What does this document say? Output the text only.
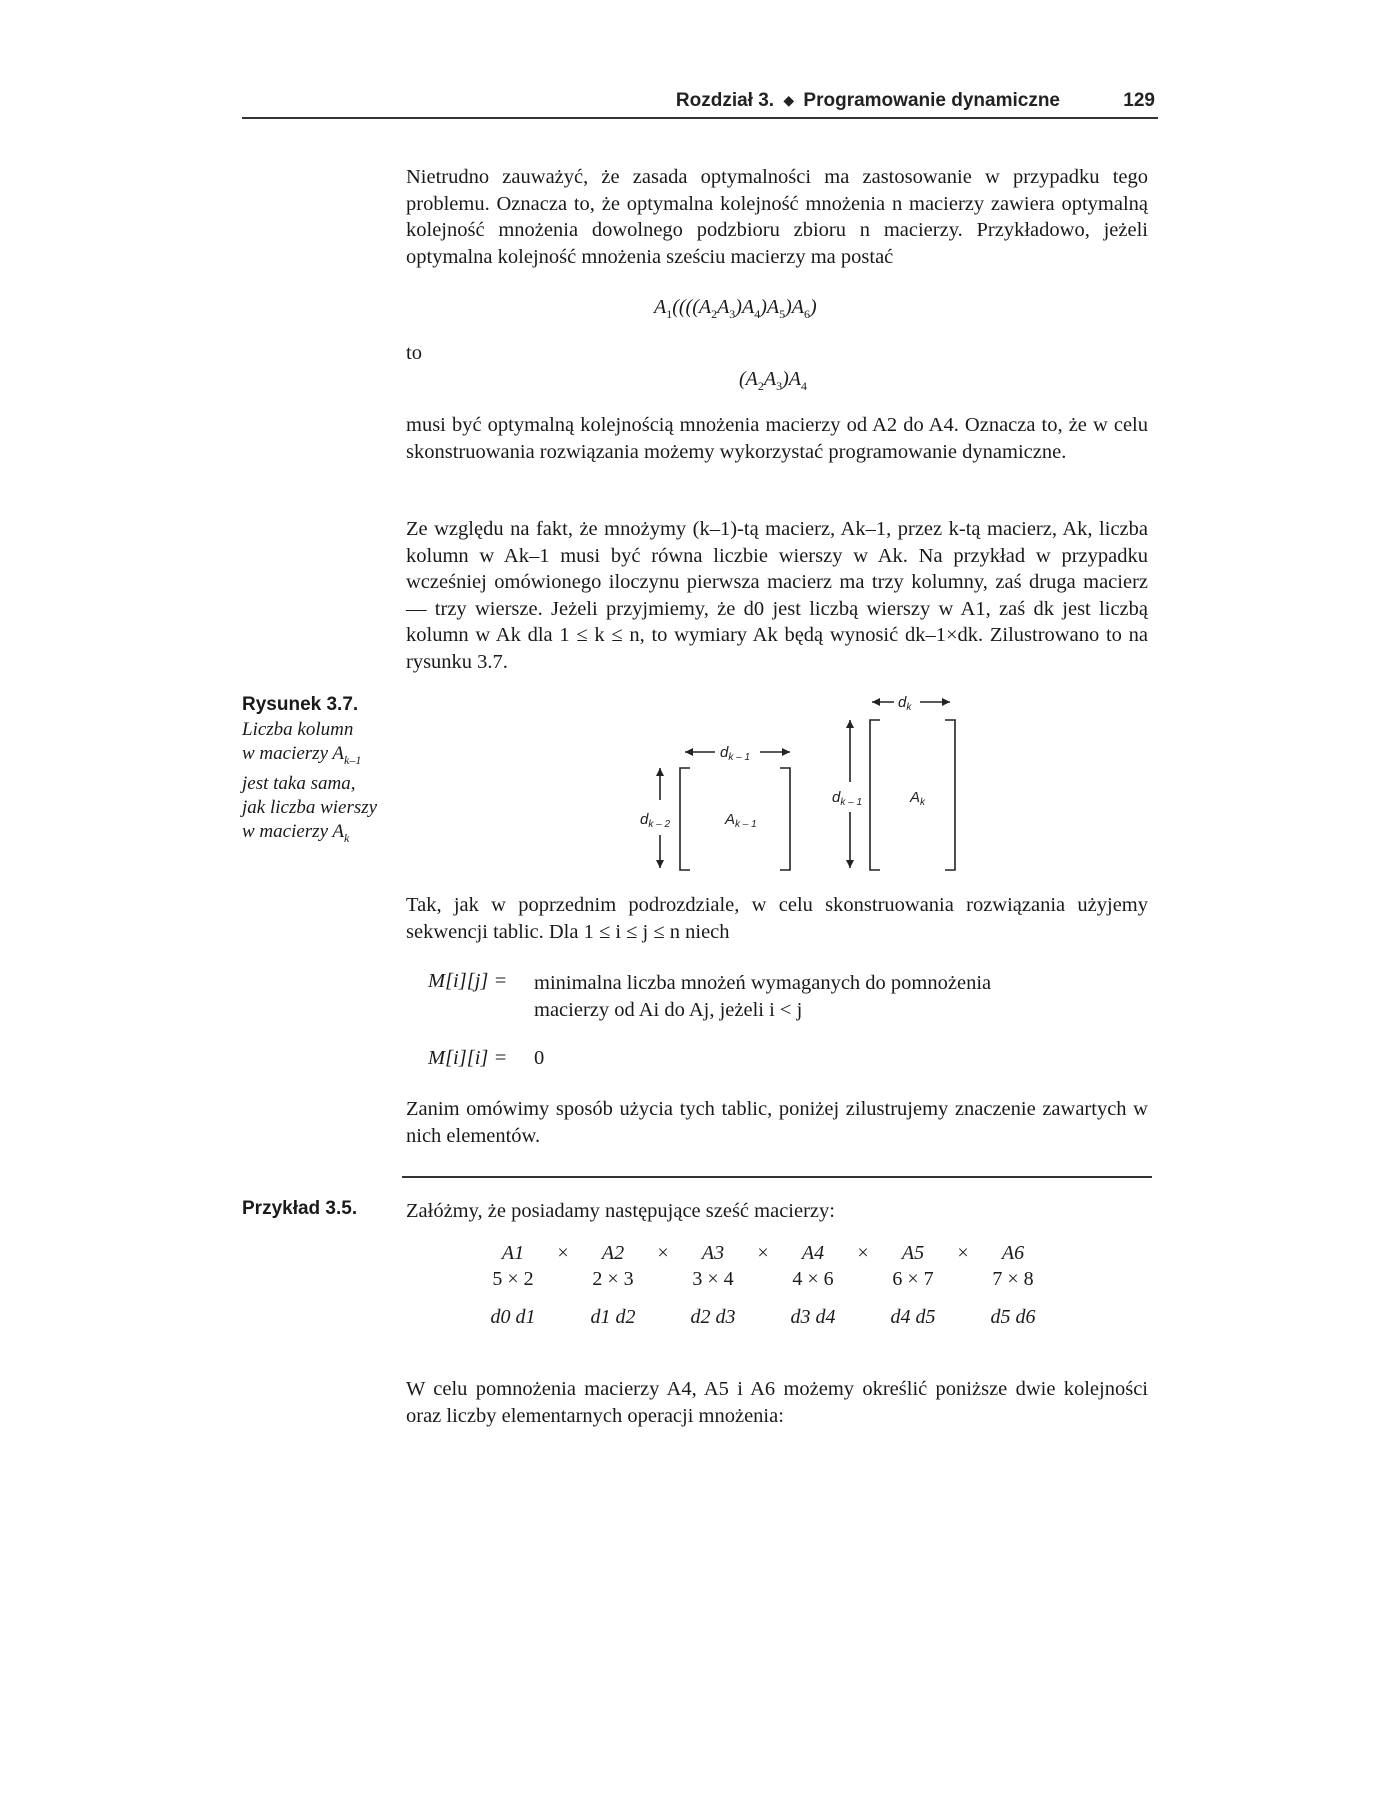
Rozdział 3. ◆ Programowanie dynamiczne	129

Nietrudno zauważyć, że zasada optymalności ma zastosowanie w przypadku tego problemu. Oznacza to, że optymalna kolejność mnożenia n macierzy zawiera optymalną kolejność mnożenia dowolnego podzbioru zbioru n macierzy. Przykładowo, jeżeli optymalna kolejność mnożenia sześciu macierzy ma postać

$A_1((((A_2A_3)A_4)A_5)A_6)$
to
$(A_2A_3)A_4$

musi być optymalną kolejnością mnożenia macierzy od A2 do A4. Oznacza to, że w celu skonstruowania rozwiązania możemy wykorzystać programowanie dynamiczne.

Ze względu na fakt, że mnożymy (k–1)-tą macierz, Ak–1, przez k-tą macierz, Ak, liczba kolumn w Ak–1 musi być równa liczbie wierszy w Ak. Na przykład w przypadku wcześniej omówionego iloczynu pierwsza macierz ma trzy kolumny, zaś druga macierz — trzy wiersze. Jeżeli przyjmiemy, że d0 jest liczbą wierszy w A1, zaś dk jest liczbą kolumn w Ak dla 1 ≤ k ≤ n, to wymiary Ak będą wynosić dk–1×dk. Zilustrowano to na rysunku 3.7.

Rysunek 3.7.
Liczba kolumn
w macierzy $A_{k-1}$
jest taka sama,
jak liczba wierszy
w macierzy $A_k$
$d_{k - 1}$
$d_k$
$d_{k - 2}$	$A_{k - 1}$
$d_{k - 1}$	$A_k$

Tak, jak w poprzednim podrozdziale, w celu skonstruowania rozwiązania użyjemy sekwencji tablic. Dla 1 ≤ i ≤ j ≤ n niech

M[i][j] = minimalna liczba mnożeń wymaganych do pomnożenia
macierzy od Ai do Aj, jeżeli i < j
M[i][i] = 0

Zanim omówimy sposób użycia tych tablic, poniżej zilustrujemy znaczenie zawartych w nich elementów.

Przykład 3.5. Załóżmy, że posiadamy następujące sześć macierzy:
A1	×	A2	×	A3	×	A4	×	A5	×	A6
5 × 2		2 × 3		3 × 4		4 × 6		6 × 7		7 × 8
d0 d1		d1 d2		d2 d3		d3 d4		d4 d5		d5 d6

W celu pomnożenia macierzy A4, A5 i A6 możemy określić poniższe dwie kolejności oraz liczby elementarnych operacji mnożenia:
